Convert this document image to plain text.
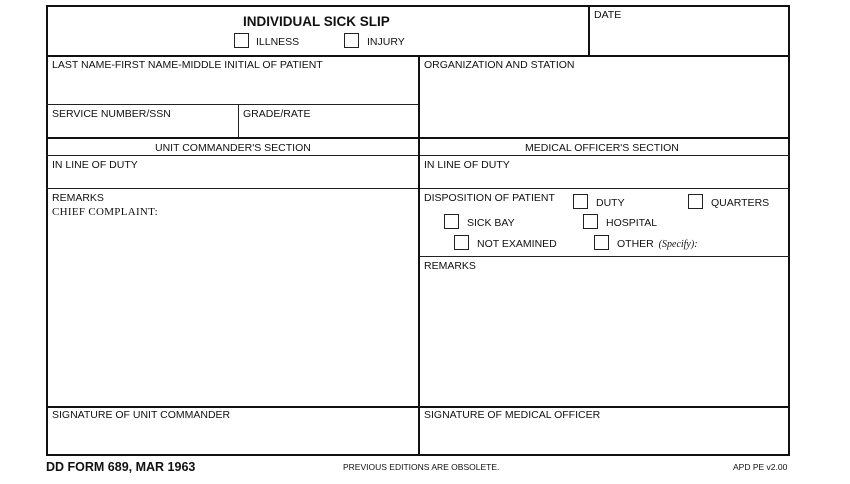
INDIVIDUAL SICK SLIP
ILLNESS	INJURY
DATE
LAST NAME-FIRST NAME-MIDDLE INITIAL OF PATIENT	ORGANIZATION AND STATION
SERVICE NUMBER/SSN	GRADE/RATE
UNIT COMMANDER'S SECTION	MEDICAL OFFICER'S SECTION
IN LINE OF DUTY	IN LINE OF DUTY
REMARKS
CHIEF COMPLAINT:
DISPOSITION OF PATIENT	DUTY	QUARTERS
SICK BAY	HOSPITAL
NOT EXAMINED	OTHER (Specify):
REMARKS
SIGNATURE OF UNIT COMMANDER	SIGNATURE OF MEDICAL OFFICER
DD FORM 689, MAR 1963	PREVIOUS EDITIONS ARE OBSOLETE.	APD PE v2.00
